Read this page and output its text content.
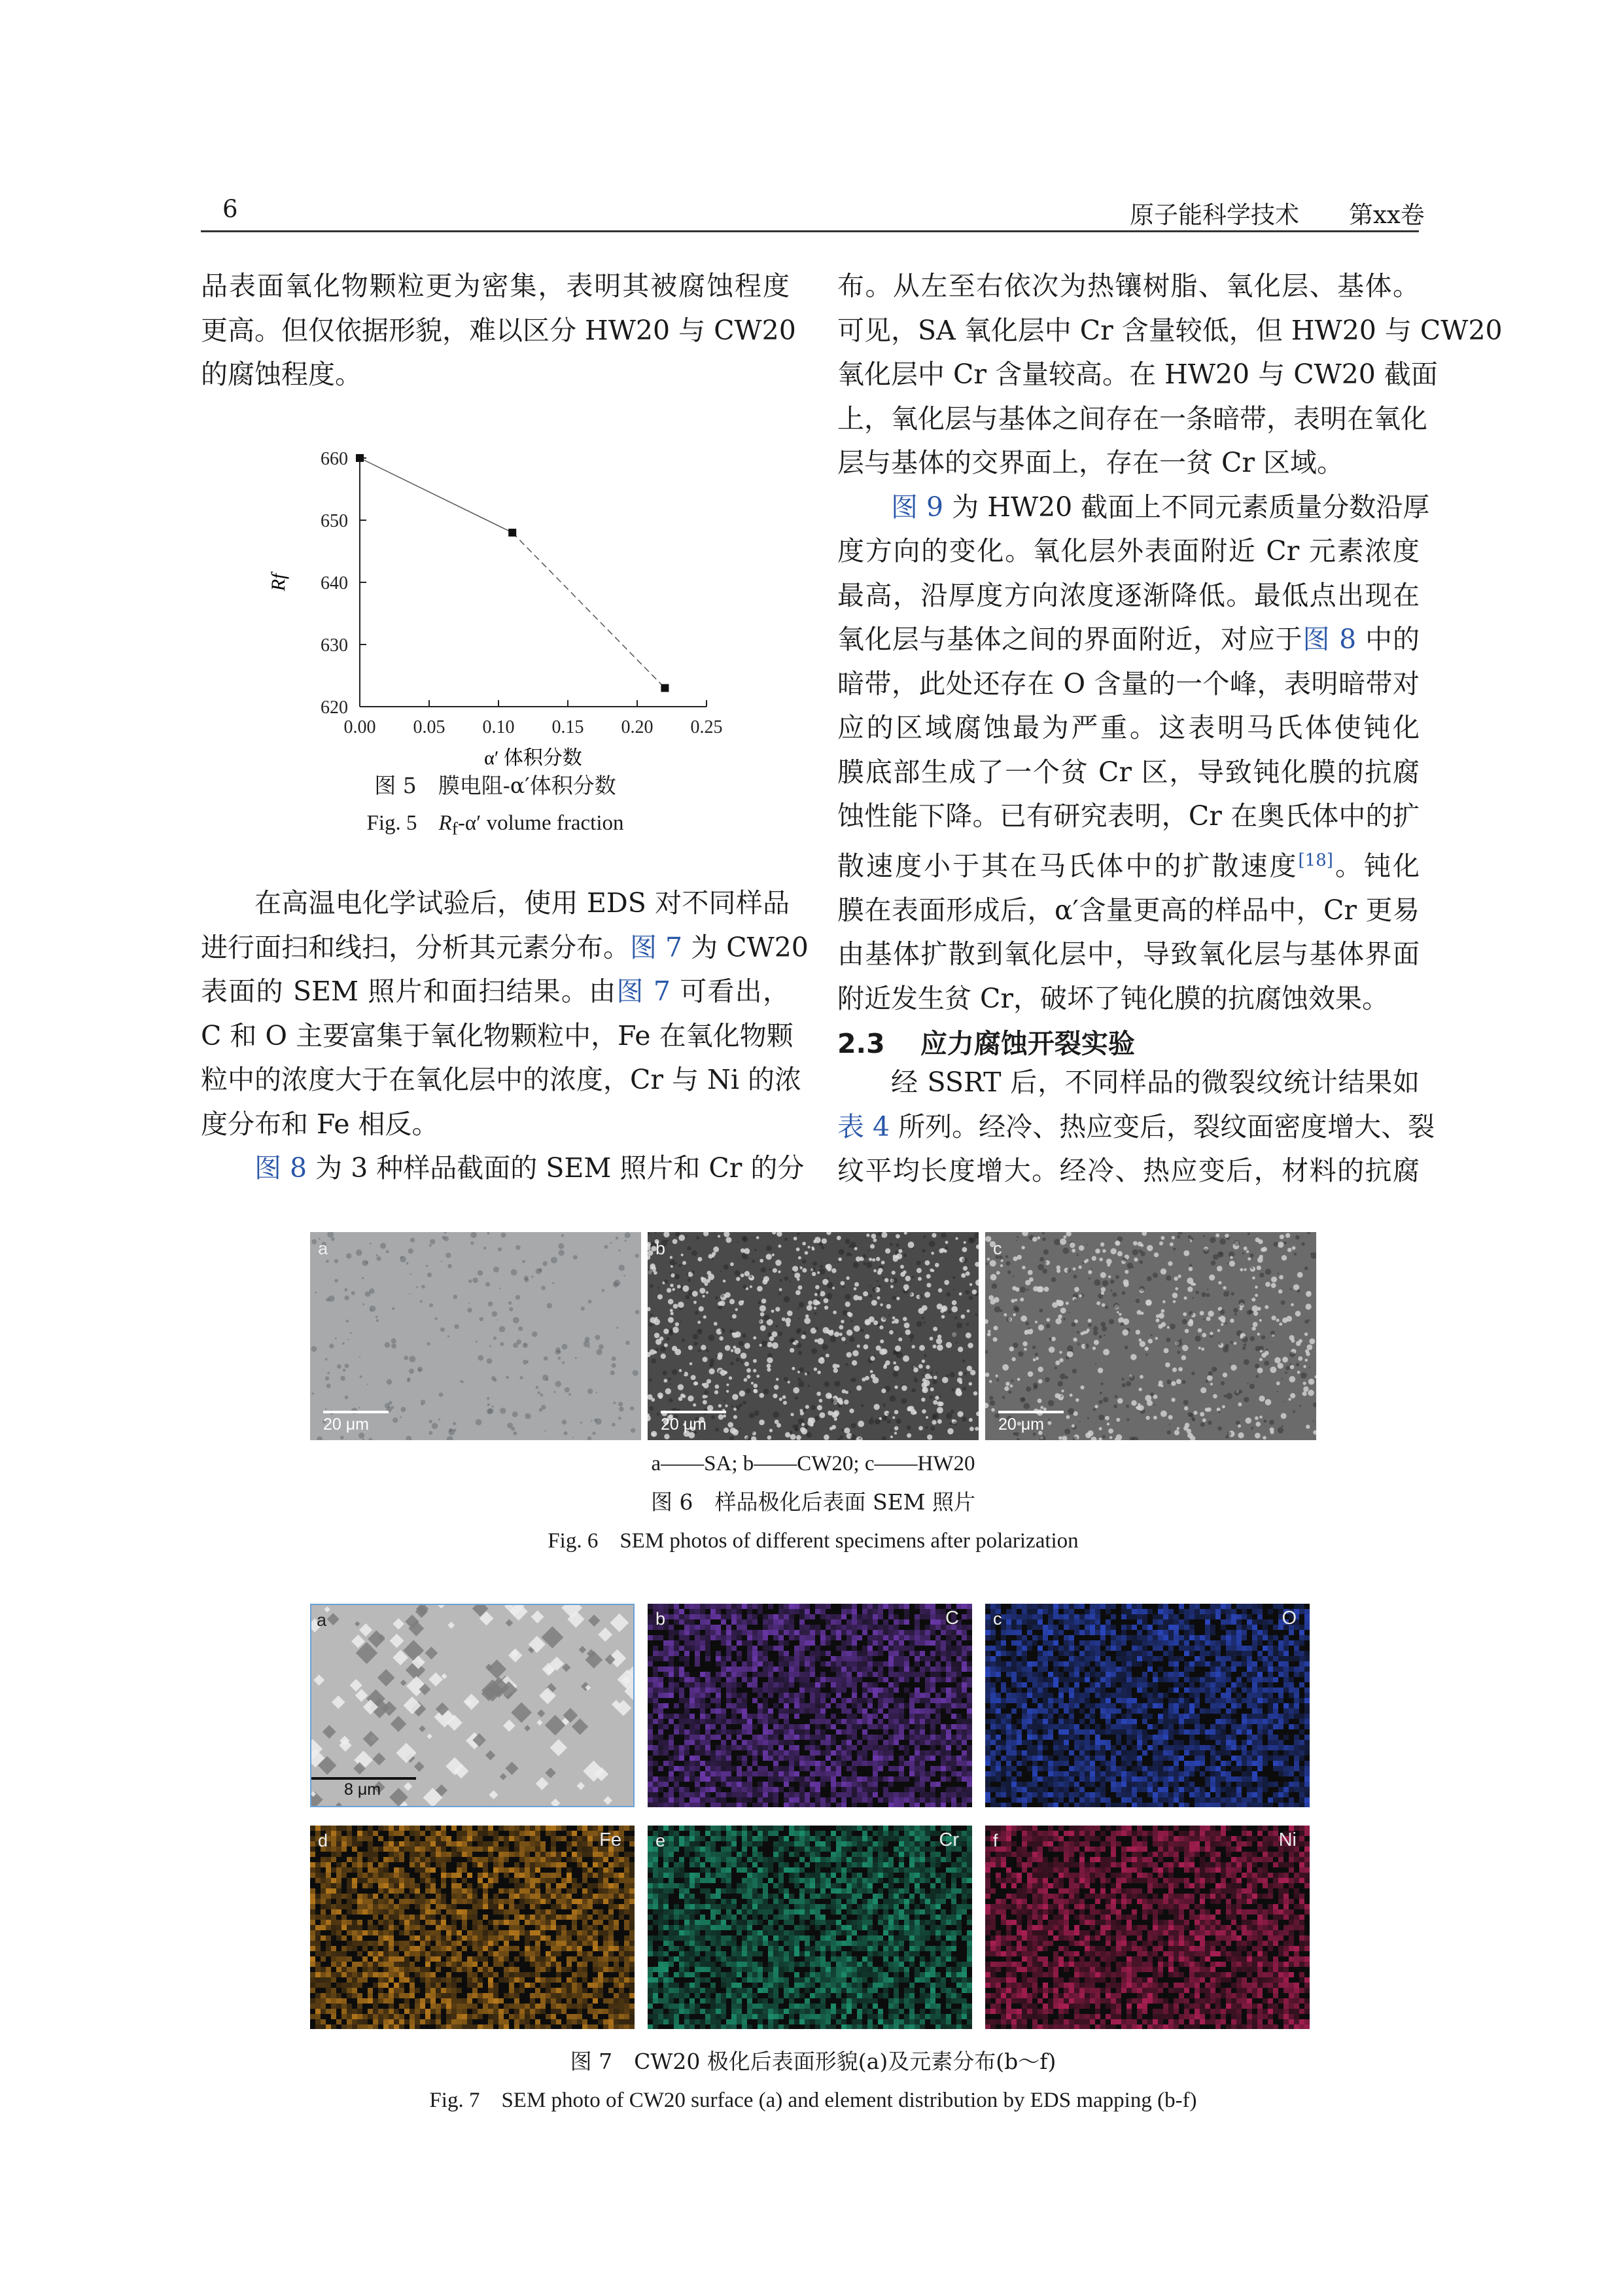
6	原子能科学技术 第xx卷
品表面氧化物颗粒更为密集，表明其被腐蚀程度
更高。但仅依据形貌，难以区分 HW20 与 CW20
的腐蚀程度。
620
630
640
650
660
0.00 0.05 0.10 0.15 0.20 0.25
Rf
α′ 体积分数
图 5　膜电阻-α′体积分数
Fig. 5　$R_f-\alpha'$ volume fraction
在高温电化学试验后，使用 EDS 对不同样品
进行面扫和线扫，分析其元素分布。图 7 为 CW20
表面的 SEM 照片和面扫结果。由图 7 可看出，
C 和 O 主要富集于氧化物颗粒中，Fe 在氧化物颗
粒中的浓度大于在氧化层中的浓度，Cr 与 Ni 的浓
度分布和 Fe 相反。
图 8 为 3 种样品截面的 SEM 照片和 Cr 的分
布。从左至右依次为热镶树脂、氧化层、基体。
可见，SA 氧化层中 Cr 含量较低，但 HW20 与 CW20
氧化层中 Cr 含量较高。在 HW20 与 CW20 截面
上，氧化层与基体之间存在一条暗带，表明在氧化
层与基体的交界面上，存在一贫 Cr 区域。
图 9 为 HW20 截面上不同元素质量分数沿厚
度方向的变化。氧化层外表面附近 Cr 元素浓度
最高，沿厚度方向浓度逐渐降低。最低点出现在
氧化层与基体之间的界面附近，对应于图 8 中的
暗带，此处还存在 O 含量的一个峰，表明暗带对
应的区域腐蚀最为严重。这表明马氏体使钝化
膜底部生成了一个贫 Cr 区，导致钝化膜的抗腐
蚀性能下降。已有研究表明，Cr 在奥氏体中的扩
散速度小于其在马氏体中的扩散速度[18]。钝化
膜在表面形成后，α′含量更高的样品中，Cr 更易
由基体扩散到氧化层中，导致氧化层与基体界面
附近发生贫 Cr，破坏了钝化膜的抗腐蚀效果。
2.3 应力腐蚀开裂实验
经 SSRT 后，不同样品的微裂纹统计结果如
表 4 所列。经冷、热应变后，裂纹面密度增大、裂
纹平均长度增大。经冷、热应变后，材料的抗腐
a
20 μm
b
20 μm
c
20 μm
a——SA; b——CW20; c——HW20
图 6　样品极化后表面 SEM 照片
Fig. 6　SEM photos of different specimens after polarization
a
8 μm
b	C c	O
d	Fe e	Cr f	Ni
图 7　CW20 极化后表面形貌(a)及元素分布(b～f)
Fig. 7　SEM photo of CW20 surface (a) and element distribution by EDS mapping (b-f)
